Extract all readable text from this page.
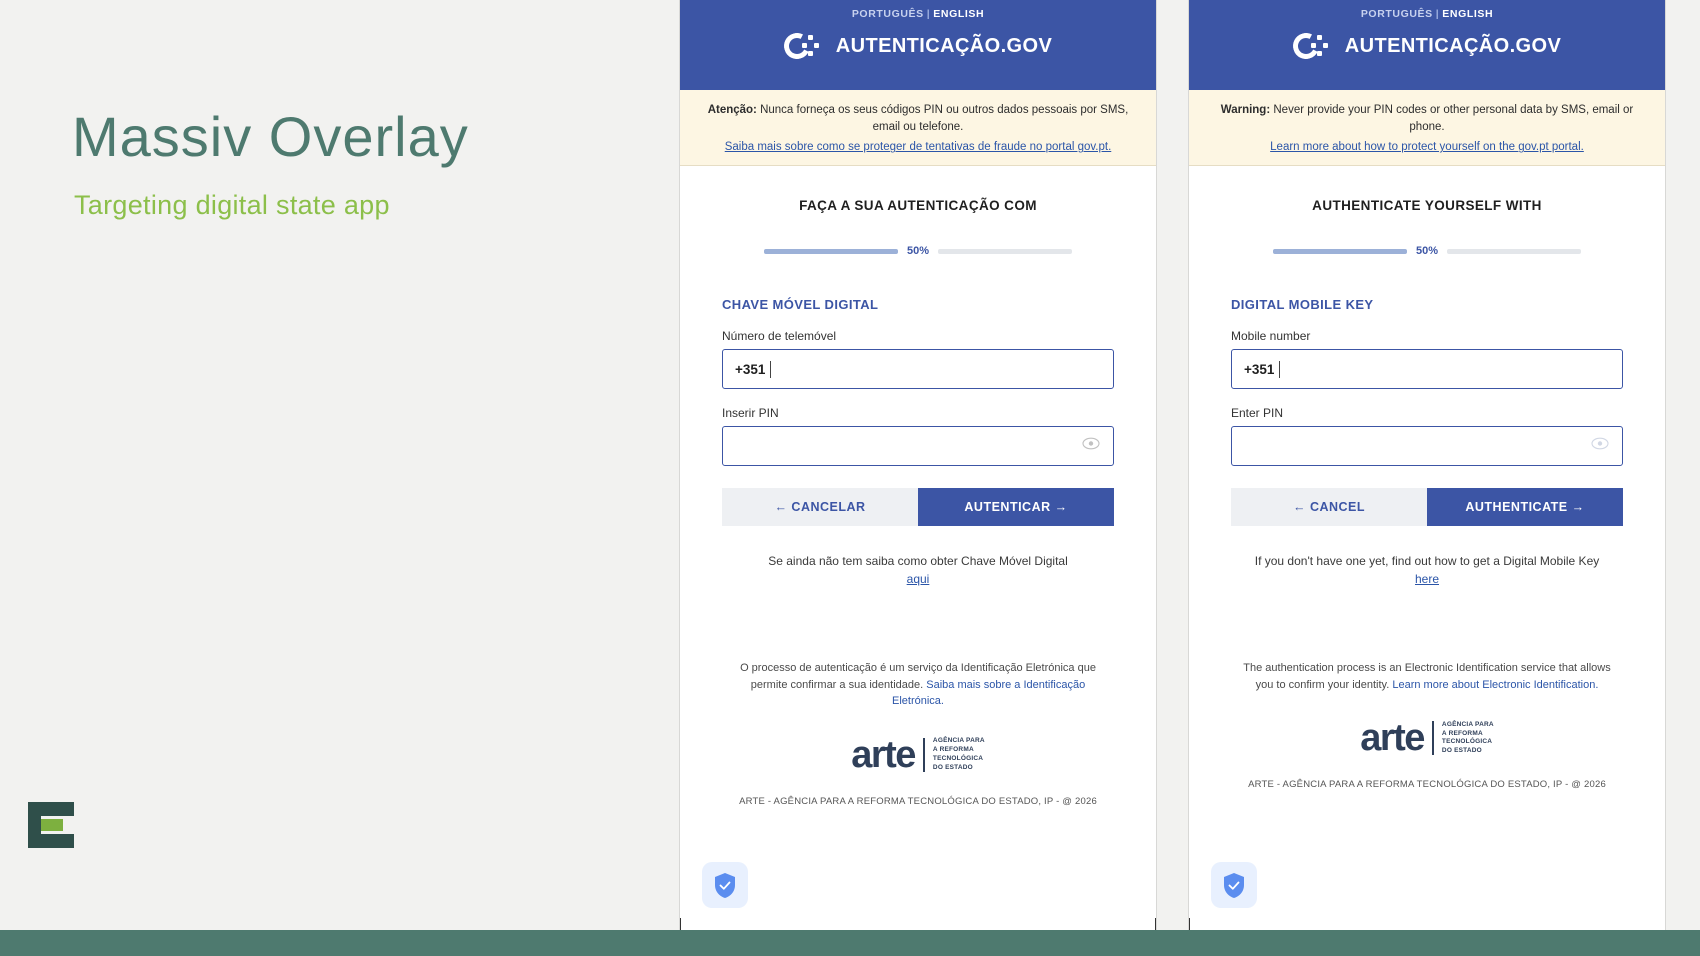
Massiv Overlay
Targeting digital state app
PORTUGUÊS | ENGLISH
AUTENTICAÇÃO.GOV
Atenção: Nunca forneça os seus códigos PIN ou outros dados pessoais por SMS, email ou telefone.
Saiba mais sobre como se proteger de tentativas de fraude no portal gov.pt.
FAÇA A SUA AUTENTICAÇÃO COM
50%
CHAVE MÓVEL DIGITAL
Número de telemóvel
+351
Inserir PIN
← CANCELAR	AUTENTICAR →
Se ainda não tem saiba como obter Chave Móvel Digital
aqui
O processo de autenticação é um serviço da Identificação Eletrónica que permite confirmar a sua identidade. Saiba mais sobre a Identificação Eletrónica.
arte	AGÊNCIA PARA
A REFORMA
TECNOLÓGICA
DO ESTADO
ARTE - AGÊNCIA PARA A REFORMA TECNOLÓGICA DO ESTADO, IP - @ 2026
PORTUGUÊS | ENGLISH
AUTENTICAÇÃO.GOV
Warning: Never provide your PIN codes or other personal data by SMS, email or phone.
Learn more about how to protect yourself on the gov.pt portal.
AUTHENTICATE YOURSELF WITH
50%
DIGITAL MOBILE KEY
Mobile number
+351
Enter PIN
← CANCEL	AUTHENTICATE →
If you don't have one yet, find out how to get a Digital Mobile Key
here
The authentication process is an Electronic Identification service that allows you to confirm your identity. Learn more about Electronic Identification.
arte	AGÊNCIA PARA
A REFORMA
TECNOLÓGICA
DO ESTADO
ARTE - AGÊNCIA PARA A REFORMA TECNOLÓGICA DO ESTADO, IP - @ 2026
